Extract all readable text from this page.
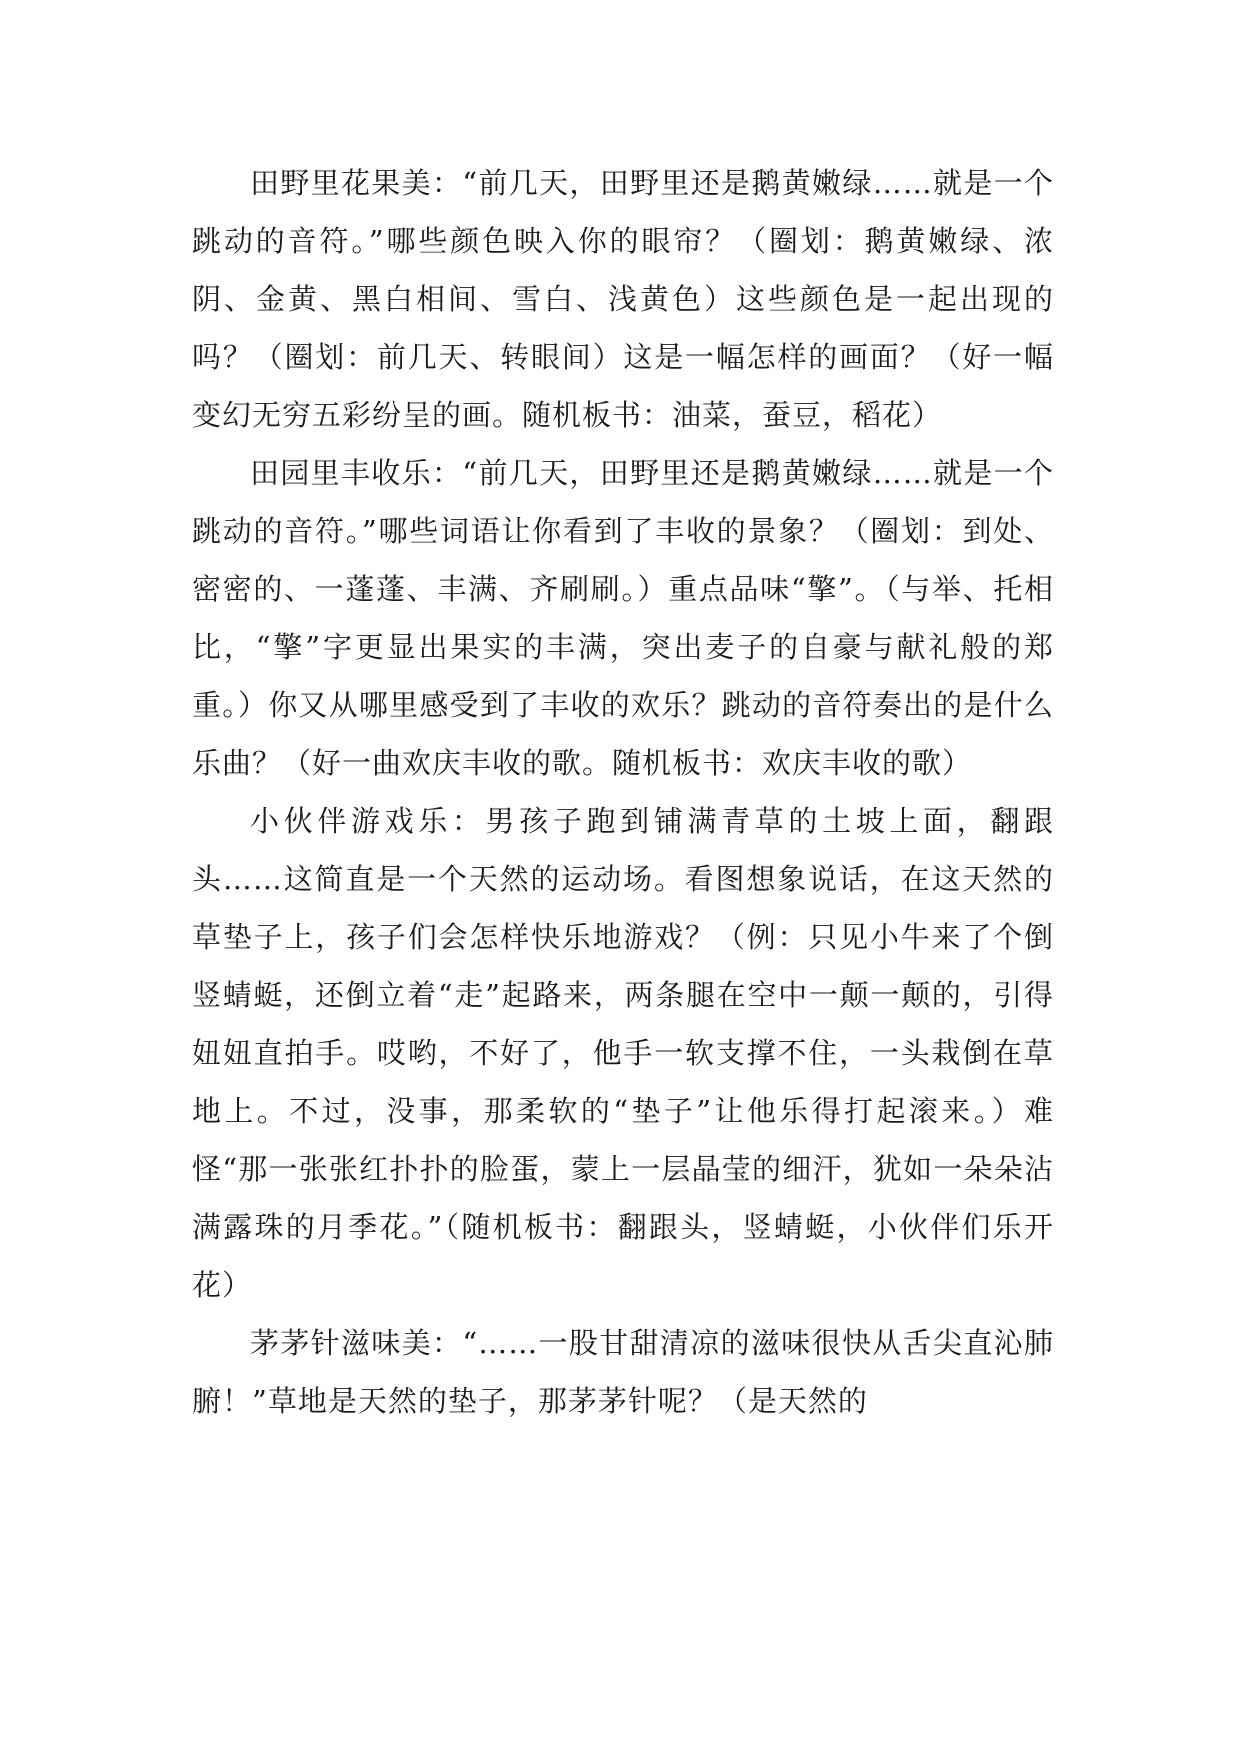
田野里花果美：“前几天，田野里还是鹅黄嫩绿……就是一个跳动的音符。”哪些颜色映入你的眼帘？（圈划：鹅黄嫩绿、浓阴、金黄、黑白相间、雪白、浅黄色）这些颜色是一起出现的吗？（圈划：前几天、转眼间）这是一幅怎样的画面？（好一幅变幻无穷五彩纷呈的画。随机板书：油菜，蚕豆，稻花）

田园里丰收乐：“前几天，田野里还是鹅黄嫩绿……就是一个跳动的音符。”哪些词语让你看到了丰收的景象？（圈划：到处、密密的、一蓬蓬、丰满、齐刷刷。）重点品味“擎”。（与举、托相比，“擎”字更显出果实的丰满，突出麦子的自豪与献礼般的郑重。）你又从哪里感受到了丰收的欢乐？跳动的音符奏出的是什么乐曲？（好一曲欢庆丰收的歌。随机板书：欢庆丰收的歌）

小伙伴游戏乐：男孩子跑到铺满青草的土坡上面，翻跟头……这简直是一个天然的运动场。看图想象说话，在这天然的草垫子上，孩子们会怎样快乐地游戏？（例：只见小牛来了个倒竖蜻蜓，还倒立着“走”起路来，两条腿在空中一颠一颠的，引得妞妞直拍手。哎哟，不好了，他手一软支撑不住，一头栽倒在草地上。不过，没事，那柔软的“垫子”让他乐得打起滚来。）难怪“那一张张红扑扑的脸蛋，蒙上一层晶莹的细汗，犹如一朵朵沾满露珠的月季花。”（随机板书：翻跟头，竖蜻蜓，小伙伴们乐开花）

茅茅针滋味美：“……一股甘甜清凉的滋味很快从舌尖直沁肺腑！”草地是天然的垫子，那茅茅针呢？（是天然的
